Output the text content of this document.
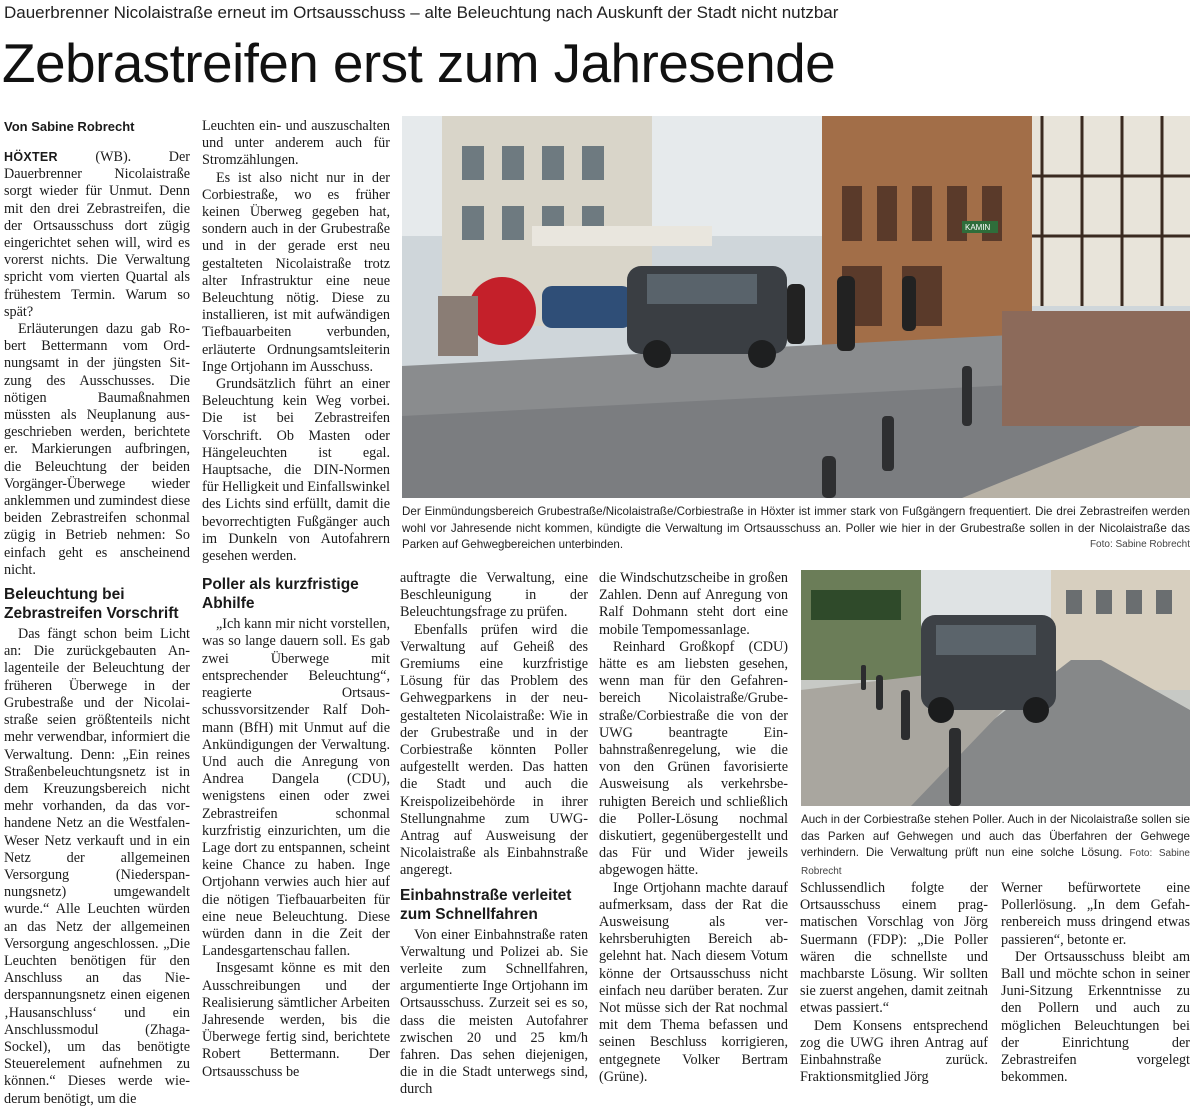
Dauerbrenner Nicolaistraße erneut im Ortsausschuss – alte Beleuchtung nach Auskunft der Stadt nicht nutzbar
Zebrastreifen erst zum Jahresende
Von Sabine Robrecht

HÖXTER (WB). Der Dauerbrenner Nicolaistraße sorgt wieder für Unmut. Denn mit den drei Zebrastreifen, die der Ortsausschuss dort zügig eingerichtet sehen will, wird es vorerst nichts. Die Verwaltung spricht vom vierten Quartal als frühestem Termin. Warum so spät?

Erläuterungen dazu gab Robert Bettermann vom Ordnungsamt in der jüngsten Sitzung des Ausschusses. Die nötigen Baumaßnahmen müssten als Neuplanung ausgeschrieben werden, berichtete er. Markierungen aufbringen, die Beleuchtung der beiden Vorgänger-Überwege wieder anklemmen und zumindest diese beiden Zebrastreifen schonmal zügig in Betrieb nehmen: So einfach geht es anscheinend nicht.

Beleuchtung bei Zebrastreifen Vorschrift

Das fängt schon beim Licht an: Die zurückgebauten Anlagenteile der Beleuchtung der früheren Überwege in der Grubestraße und der Nicolaistraße seien größtenteils nicht mehr verwendbar, informiert die Verwaltung. Denn: „Ein reines Straßenbeleuchtungsnetz ist in dem Kreuzungsbereich nicht mehr vorhanden, da das vorhandene Netz an die Westfalen-Weser Netz verkauft und in ein Netz der allgemeinen Versorgung (Niederspannungsnetz) umgewandelt wurde.“ Alle Leuchten würden an das Netz der allgemeinen Versorgung angeschlossen. „Die Leuchten benötigen für den Anschluss an das Niederspannungsnetz einen eigenen ‚Hausanschluss‘ und ein Anschlussmodul (Zhaga-Sockel), um das benötigte Steuerelement aufnehmen zu können.“ Dieses werde wiederum benötigt, um die

Leuchten ein- und auszuschalten und unter anderem auch für Stromzählungen.

Es ist also nicht nur in der Corbiestraße, wo es früher keinen Überweg gegeben hat, sondern auch in der Grubestraße und in der gerade erst neu gestalteten Nicolaistraße trotz alter Infrastruktur eine neue Beleuchtung nötig. Diese zu installieren, ist mit aufwändigen Tiefbauarbeiten verbunden, erläuterte Ordnungsamtsleiterin Inge Ortjohann im Ausschuss.

Grundsätzlich führt an einer Beleuchtung kein Weg vorbei. Die ist bei Zebrastreifen Vorschrift. Ob Masten oder Hängeleuchten ist egal. Hauptsache, die DIN-Normen für Helligkeit und Einfallswinkel des Lichts sind erfüllt, damit die bevorrechtigten Fußgänger auch im Dunkeln von Autofahrern gesehen werden.

Poller als kurzfristige Abhilfe

„Ich kann mir nicht vorstellen, was so lange dauern soll. Es gab zwei Überwege mit entsprechender Beleuchtung“, reagierte Ortsausschussvorsitzender Ralf Dohmann (BfH) mit Unmut auf die Ankündigungen der Verwaltung. Und auch die Anregung von Andrea Dangela (CDU), wenigstens einen oder zwei Zebrastreifen schonmal kurzfristig einzurichten, um die Lage dort zu entspannen, scheint keine Chance zu haben. Inge Ortjohann verwies auch hier auf die nötigen Tiefbauarbeiten für eine neue Beleuchtung. Diese würden dann in die Zeit der Landesgartenschau fallen.

Insgesamt könne es mit den Ausschreibungen und der Realisierung sämtlicher Arbeiten Jahresende werden, bis die Überwege fertig sind, berichtete Robert Bettermann. Der Ortsausschuss be

KAMIN
Der Einmündungsbereich Grubestraße/Nicolaistraße/Corbiestraße in Höxter ist immer stark von Fußgängern frequentiert. Die drei Zebrastreifen werden wohl vor Jahresende nicht kommen, kündigte die Verwaltung im Ortsausschuss an. Poller wie hier in der Grubestraße sollen in der Nicolaistraße das Parken auf Gehwegbereichen unterbinden.	Foto: Sabine Robrecht

auftragte die Verwaltung, eine Beschleunigung in der Beleuchtungsfrage zu prüfen.

Ebenfalls prüfen wird die Verwaltung auf Geheiß des Gremiums eine kurzfristige Lösung für das Problem des Gehwegparkens in der neugestalteten Nicolaistraße: Wie in der Grubestraße und in der Corbiestraße könnten Poller aufgestellt werden. Das hatten die Stadt und auch die Kreispolizeibehörde in ihrer Stellungnahme zum UWG-Antrag auf Ausweisung der Nicolaistraße als Einbahnstraße angeregt.

Einbahnstraße verleitet zum Schnellfahren

Von einer Einbahnstraße raten Verwaltung und Polizei ab. Sie verleite zum Schnellfahren, argumentierte Inge Ortjohann im Ortsausschuss. Zurzeit sei es so, dass die meisten Autofahrer zwischen 20 und 25 km/h fahren. Das sehen diejenigen, die in die Stadt unterwegs sind, durch

die Windschutzscheibe in großen Zahlen. Denn auf Anregung von Ralf Dohmann steht dort eine mobile Tempomessanlage.

Reinhard Großkopf (CDU) hätte es am liebsten gesehen, wenn man für den Gefahrenbereich Nicolaistraße/Grubestraße/Corbiestraße die von der UWG beantragte Einbahnstraßenregelung, wie die von den Grünen favorisierte Ausweisung als verkehrsberuhigten Bereich und schließlich die Poller-Lösung nochmal diskutiert, gegenübergestellt und das Für und Wider jeweils abgewogen hätte.

Inge Ortjohann machte darauf aufmerksam, dass der Rat die Ausweisung als verkehrsberuhigten Bereich abgelehnt hat. Nach diesem Votum könne der Ortsausschuss nicht einfach neu darüber beraten. Zur Not müsse sich der Rat nochmal mit dem Thema befassen und seinen Beschluss korrigieren, entgegnete Volker Bertram (Grüne).

Auch in der Corbiestraße stehen Poller. Auch in der Nicolaistraße sollen sie das Parken auf Gehwegen und auch das Überfahren der Gehwege verhindern. Die Verwaltung prüft nun eine solche Lösung. Foto: Sabine Robrecht

Schlussendlich folgte der Ortsausschuss einem pragmatischen Vorschlag von Jörg Suermann (FDP): „Die Poller wären die schnellste und machbarste Lösung. Wir sollten sie zuerst angehen, damit zeitnah etwas passiert.“

Dem Konsens entsprechend zog die UWG ihren Antrag auf Einbahnstraße zurück. Fraktionsmitglied Jörg

Werner befürwortete eine Pollerlösung. „In dem Gefahrenbereich muss dringend etwas passieren“, betonte er.

Der Ortsausschuss bleibt am Ball und möchte schon in seiner Juni-Sitzung Erkenntnisse zu den Pollern und auch zu möglichen Beleuchtungen bei der Einrichtung der Zebrastreifen vorgelegt bekommen.
